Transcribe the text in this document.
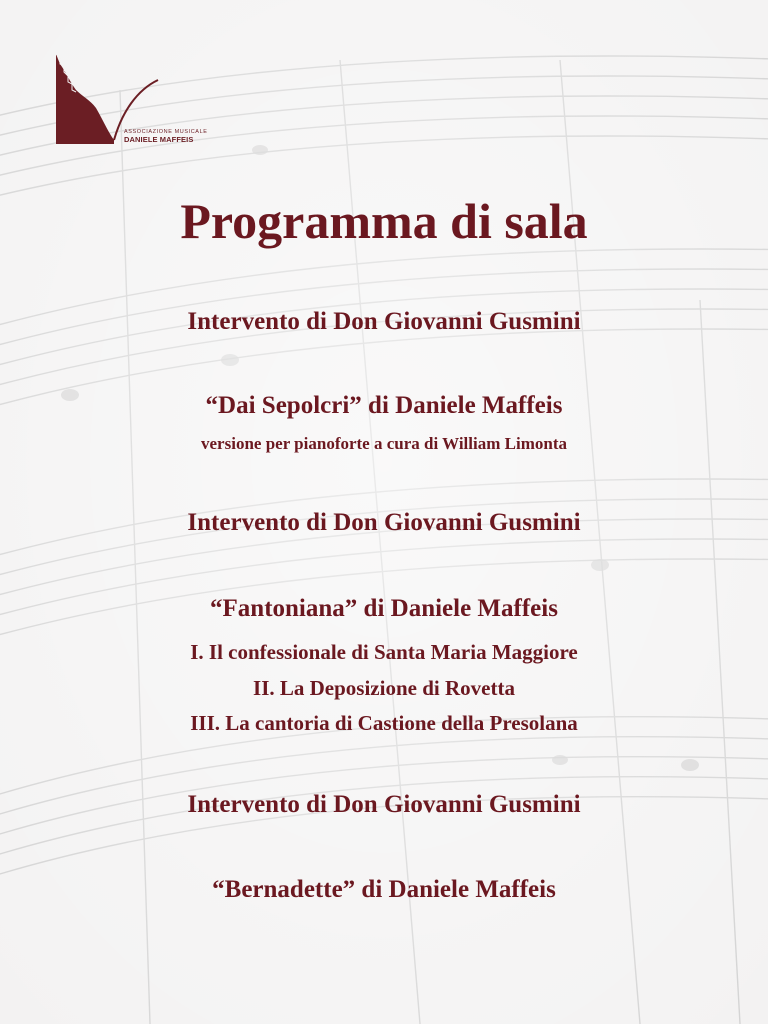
ASSOCIAZIONE MUSICALE
DANIELE MAFFEIS
Programma di sala

Intervento di Don Giovanni Gusmini

“Dai Sepolcri” di Daniele Maffeis

versione per pianoforte a cura di William Limonta

Intervento di Don Giovanni Gusmini

“Fantoniana” di Daniele Maffeis

I. Il confessionale di Santa Maria Maggiore

II. La Deposizione di Rovetta

III. La cantoria di Castione della Presolana

Intervento di Don Giovanni Gusmini

“Bernadette” di Daniele Maffeis
